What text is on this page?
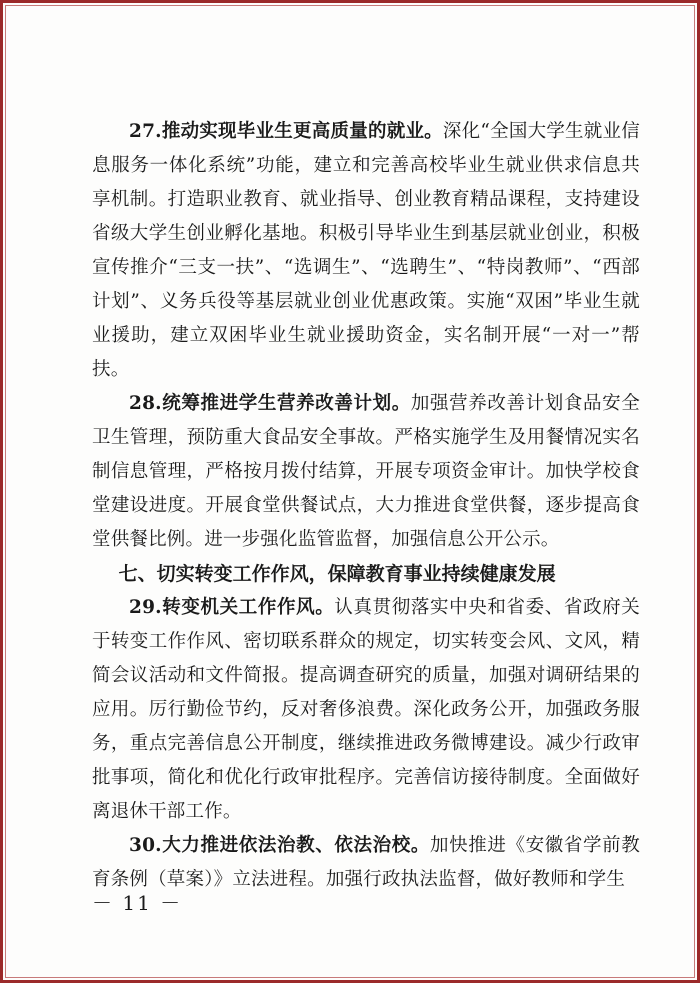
27.推动实现毕业生更高质量的就业。深化“全国大学生就业信息服务一体化系统”功能，建立和完善高校毕业生就业供求信息共享机制。打造职业教育、就业指导、创业教育精品课程，支持建设省级大学生创业孵化基地。积极引导毕业生到基层就业创业，积极宣传推介“三支一扶”、“选调生”、“选聘生”、“特岗教师”、“西部计划”、义务兵役等基层就业创业优惠政策。实施“双困”毕业生就业援助，建立双困毕业生就业援助资金，实名制开展“一对一”帮扶。

28.统筹推进学生营养改善计划。加强营养改善计划食品安全卫生管理，预防重大食品安全事故。严格实施学生及用餐情况实名制信息管理，严格按月拨付结算，开展专项资金审计。加快学校食堂建设进度。开展食堂供餐试点，大力推进食堂供餐，逐步提高食堂供餐比例。进一步强化监管监督，加强信息公开公示。

七、切实转变工作作风，保障教育事业持续健康发展

29.转变机关工作作风。认真贯彻落实中央和省委、省政府关于转变工作作风、密切联系群众的规定，切实转变会风、文风，精简会议活动和文件简报。提高调查研究的质量，加强对调研结果的应用。厉行勤俭节约，反对奢侈浪费。深化政务公开，加强政务服务，重点完善信息公开制度，继续推进政务微博建设。减少行政审批事项，简化和优化行政审批程序。完善信访接待制度。全面做好离退休干部工作。

30.大力推进依法治教、依法治校。加快推进《安徽省学前教育条例（草案）》立法进程。加强行政执法监督，做好教师和学生

－ 11 －
